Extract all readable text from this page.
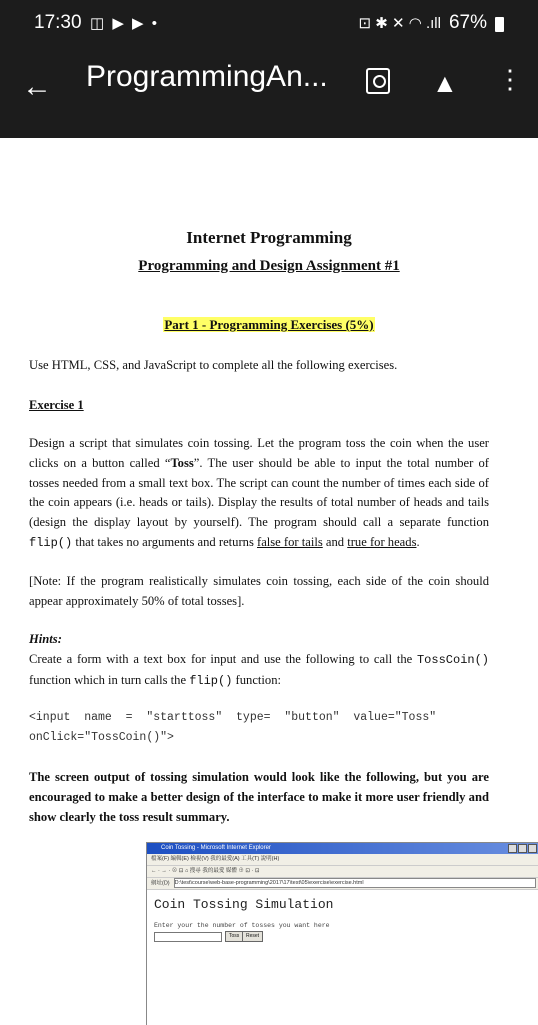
17:30 ◫ ▶ ▶ •	⊡ ✱ ✕ ◠ .ıll 67%
← ProgrammingAn...	▲ ⋮
Internet Programming
Programming and Design Assignment #1
Part 1 - Programming Exercises (5%)
Use HTML, CSS, and JavaScript to complete all the following exercises.
Exercise 1
Design a script that simulates coin tossing. Let the program toss the coin when the user clicks on a button called “Toss”. The user should be able to input the total number of tosses needed from a small text box. The script can count the number of times each side of the coin appears (i.e. heads or tails). Display the results of total number of heads and tails (design the display layout by yourself). The program should call a separate function flip() that takes no arguments and returns false for tails and true for heads.
[Note: If the program realistically simulates coin tossing, each side of the coin should appear approximately 50% of total tosses].
Hints:
Create a form with a text box for input and use the following to call the TossCoin() function which in turn calls the flip() function:
<input  name  =  "starttoss"  type=  "button"  value="Toss"
onClick="TossCoin()">
The screen output of tossing simulation would look like the following, but you are encouraged to make a better design of the interface to make it more user friendly and show clearly the toss result summary.
Coin Tossing - Microsoft Internet Explorer
檔案(F) 編輯(E) 檢視(V) 我的最愛(A) 工具(T) 說明(H)
← · → · ⊗ ⊡ ⌂ 搜尋 我的最愛 媒體 ⊕ ⊡ · ⊡
網址(D) D:\test\course\web-base-programming\2017\17\test\05\exercise\exercise.html
Coin Tossing Simulation
Enter your the number of tosses you want here
Toss	Reset
